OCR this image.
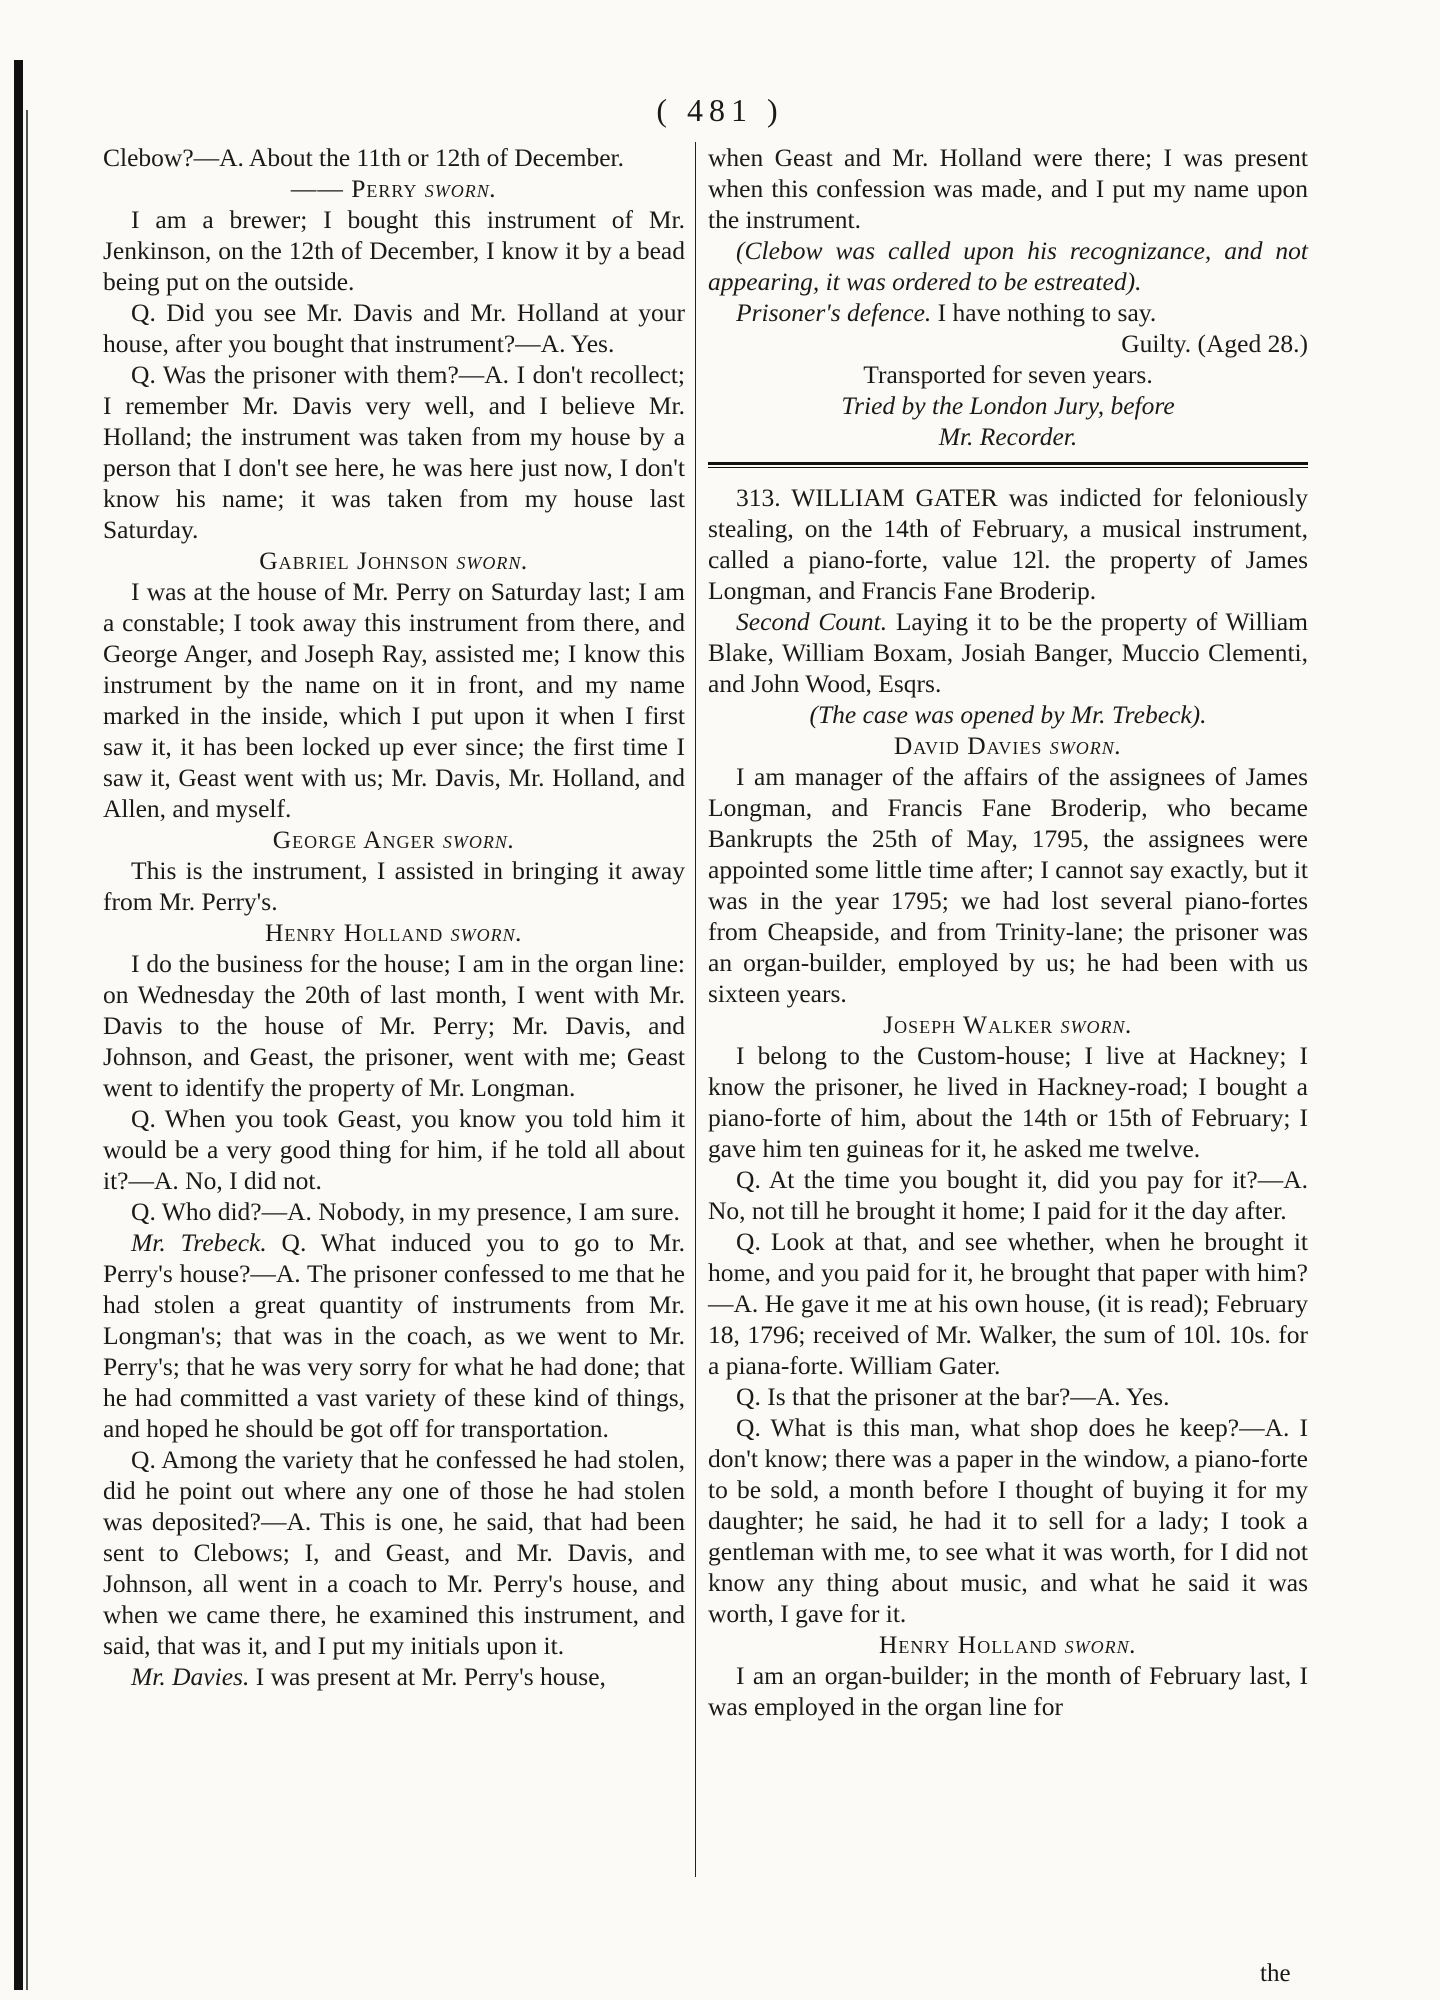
( 481 )

Clebow?—A. About the 11th or 12th of December.

—— Perry sworn.

I am a brewer; I bought this instrument of Mr. Jenkinson, on the 12th of December, I know it by a bead being put on the outside.

Q. Did you see Mr. Davis and Mr. Holland at your house, after you bought that instrument?—A. Yes.

Q. Was the prisoner with them?—A. I don't recollect; I remember Mr. Davis very well, and I believe Mr. Holland; the instrument was taken from my house by a person that I don't see here, he was here just now, I don't know his name; it was taken from my house last Saturday.

Gabriel Johnson sworn.

I was at the house of Mr. Perry on Saturday last; I am a constable; I took away this instrument from there, and George Anger, and Joseph Ray, assisted me; I know this instrument by the name on it in front, and my name marked in the inside, which I put upon it when I first saw it, it has been locked up ever since; the first time I saw it, Geast went with us; Mr. Davis, Mr. Holland, and Allen, and myself.

George Anger sworn.

This is the instrument, I assisted in bringing it away from Mr. Perry's.

Henry Holland sworn.

I do the business for the house; I am in the organ line: on Wednesday the 20th of last month, I went with Mr. Davis to the house of Mr. Perry; Mr. Davis, and Johnson, and Geast, the prisoner, went with me; Geast went to identify the property of Mr. Longman.

Q. When you took Geast, you know you told him it would be a very good thing for him, if he told all about it?—A. No, I did not.

Q. Who did?—A. Nobody, in my presence, I am sure.

Mr. Trebeck. Q. What induced you to go to Mr. Perry's house?—A. The prisoner confessed to me that he had stolen a great quantity of instruments from Mr. Longman's; that was in the coach, as we went to Mr. Perry's; that he was very sorry for what he had done; that he had committed a vast variety of these kind of things, and hoped he should be got off for transportation.

Q. Among the variety that he confessed he had stolen, did he point out where any one of those he had stolen was deposited?—A. This is one, he said, that had been sent to Clebows; I, and Geast, and Mr. Davis, and Johnson, all went in a coach to Mr. Perry's house, and when we came there, he examined this instrument, and said, that was it, and I put my initials upon it.

Mr. Davies. I was present at Mr. Perry's house,

when Geast and Mr. Holland were there; I was present when this confession was made, and I put my name upon the instrument.

(Clebow was called upon his recognizance, and not appearing, it was ordered to be estreated).

Prisoner's defence. I have nothing to say.

Guilty. (Aged 28.)

Transported for seven years.

Tried by the London Jury, before

Mr. Recorder.

313. WILLIAM GATER was indicted for feloniously stealing, on the 14th of February, a musical instrument, called a piano-forte, value 12l. the property of James Longman, and Francis Fane Broderip.

Second Count. Laying it to be the property of William Blake, William Boxam, Josiah Banger, Muccio Clementi, and John Wood, Esqrs.

(The case was opened by Mr. Trebeck).

David Davies sworn.

I am manager of the affairs of the assignees of James Longman, and Francis Fane Broderip, who became Bankrupts the 25th of May, 1795, the assignees were appointed some little time after; I cannot say exactly, but it was in the year 1795; we had lost several piano-fortes from Cheapside, and from Trinity-lane; the prisoner was an organ-builder, employed by us; he had been with us sixteen years.

Joseph Walker sworn.

I belong to the Custom-house; I live at Hackney; I know the prisoner, he lived in Hackney-road; I bought a piano-forte of him, about the 14th or 15th of February; I gave him ten guineas for it, he asked me twelve.

Q. At the time you bought it, did you pay for it?—A. No, not till he brought it home; I paid for it the day after.

Q. Look at that, and see whether, when he brought it home, and you paid for it, he brought that paper with him?—A. He gave it me at his own house, (it is read); February 18, 1796; received of Mr. Walker, the sum of 10l. 10s. for a piana-forte. William Gater.

Q. Is that the prisoner at the bar?—A. Yes.

Q. What is this man, what shop does he keep?—A. I don't know; there was a paper in the window, a piano-forte to be sold, a month before I thought of buying it for my daughter; he said, he had it to sell for a lady; I took a gentleman with me, to see what it was worth, for I did not know any thing about music, and what he said it was worth, I gave for it.

Henry Holland sworn.

I am an organ-builder; in the month of February last, I was employed in the organ line for

the
